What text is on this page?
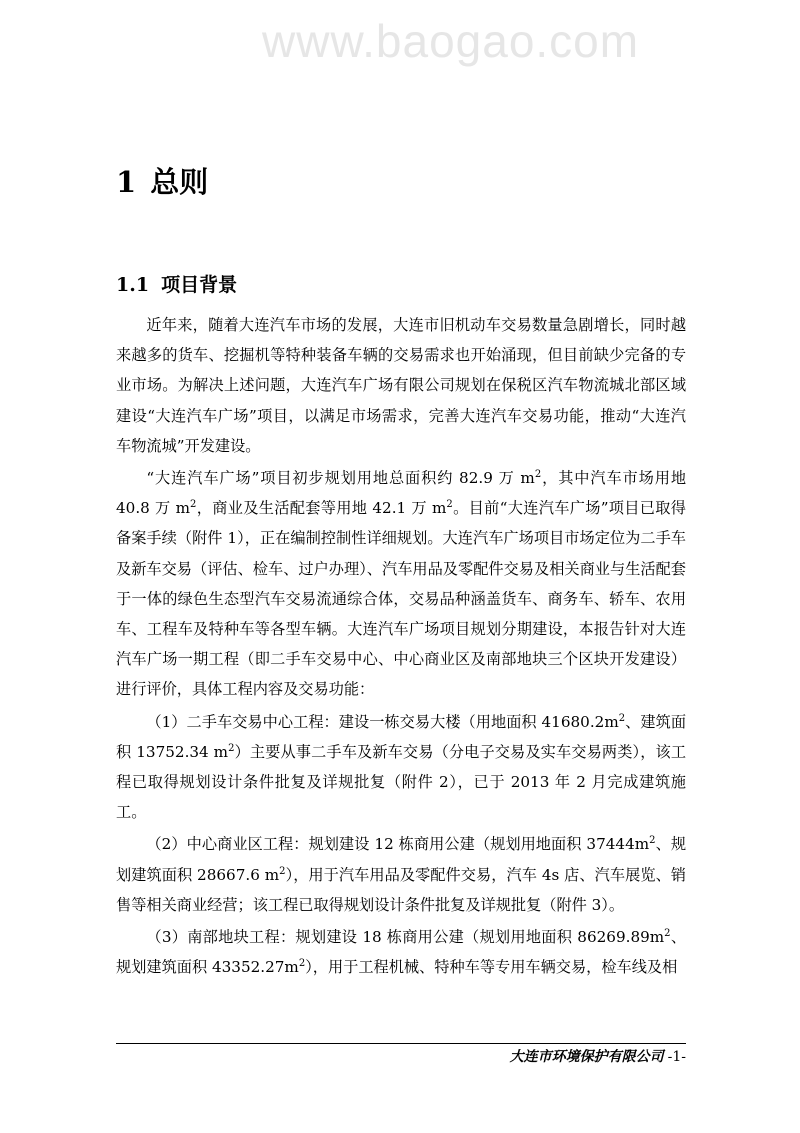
www.baogao.com
1 总则
1.1 项目背景

近年来，随着大连汽车市场的发展，大连市旧机动车交易数量急剧增长，同时越来越多的货车、挖掘机等特种装备车辆的交易需求也开始涌现，但目前缺少完备的专业市场。为解决上述问题，大连汽车广场有限公司规划在保税区汽车物流城北部区域建设“大连汽车广场”项目，以满足市场需求，完善大连汽车交易功能，推动“大连汽车物流城”开发建设。

“大连汽车广场”项目初步规划用地总面积约 82.9 万 $m^2$，其中汽车市场用地 40.8 万 $m^2$，商业及生活配套等用地 42.1 万 $m^2$。目前“大连汽车广场”项目已取得备案手续（附件 1），正在编制控制性详细规划。大连汽车广场项目市场定位为二手车及新车交易（评估、检车、过户办理）、汽车用品及零配件交易及相关商业与生活配套于一体的绿色生态型汽车交易流通综合体，交易品种涵盖货车、商务车、轿车、农用车、工程车及特种车等各型车辆。大连汽车广场项目规划分期建设，本报告针对大连汽车广场一期工程（即二手车交易中心、中心商业区及南部地块三个区块开发建设）进行评价，具体工程内容及交易功能：

（1）二手车交易中心工程：建设一栋交易大楼（用地面积 $41680.2m^2$、建筑面积 13752.34 $m^2$）主要从事二手车及新车交易（分电子交易及实车交易两类），该工程已取得规划设计条件批复及详规批复（附件 2），已于 2013 年 2 月完成建筑施工。

（2）中心商业区工程：规划建设 12 栋商用公建（规划用地面积 $37444m^2$、规划建筑面积 28667.6 $m^2$），用于汽车用品及零配件交易，汽车 4s 店、汽车展览、销售等相关商业经营；该工程已取得规划设计条件批复及详规批复（附件 3）。

（3）南部地块工程：规划建设 18 栋商用公建（规划用地面积 $86269.89m^2$、规划建筑面积 $43352.27m^2$），用于工程机械、特种车等专用车辆交易，检车线及相

大连市环境保护有限公司 -1-
